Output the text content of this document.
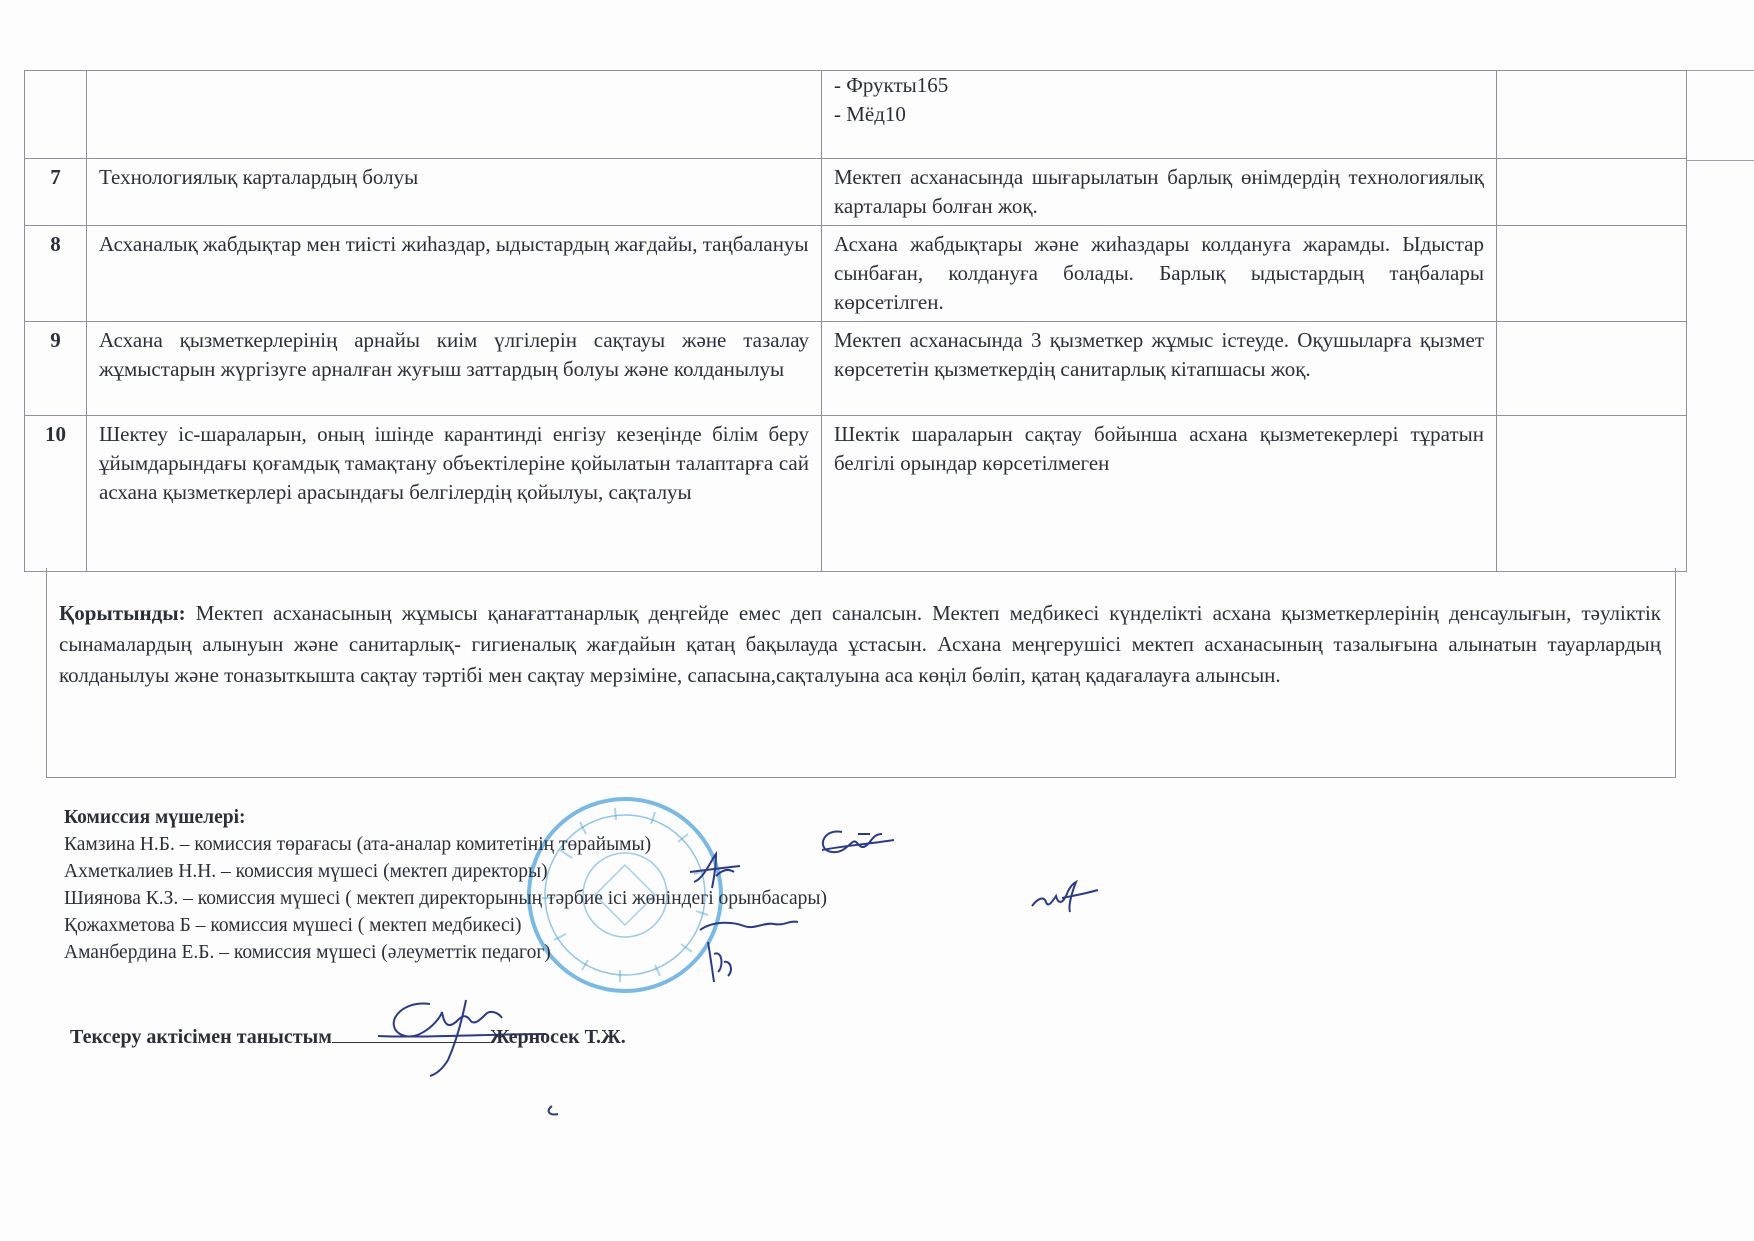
		- Фрукты165
- Мёд10	

7	Технологиялық карталардың болуы	Мектеп асханасында шығарылатын барлық өнімдердің технологиялық карталары болған жоқ.	
8	Асханалық жабдықтар мен тиісті жиһаздар, ыдыстардың жағдайы, таңбалануы	Асхана жабдықтары және жиһаздары колдануға жарамды. Ыдыстар сынбаған, колдануға болады. Барлық ыдыстардың таңбалары көрсетілген.	
9	Асхана қызметкерлерінің арнайы киім үлгілерін сақтауы және тазалау жұмыстарын жүргізуге арналған жуғыш заттардың болуы және колданылуы	Мектеп асханасында 3 қызметкер жұмыс істеуде. Оқушыларға қызмет көрсететін қызметкердің санитарлық кітапшасы жоқ.	
10	Шектеу іс-шараларын, оның ішінде карантинді енгізу кезеңінде білім беру ұйымдарындағы қоғамдық тамақтану объектілеріне қойылатын талаптарға сай асхана қызметкерлері арасындағы белгілердің қойылуы, сақталуы	Шектік шараларын сақтау бойынша асхана қызметекерлері тұратын белгілі орындар көрсетілмеген	
Қорытынды: Мектеп асханасының жұмысы қанағаттанарлық деңгейде емес деп саналсын. Мектеп медбикесі күнделікті асхана қызметкерлерінің денсаулығын, тәуліктік сынамалардың алынуын және санитарлық- гигиеналық жағдайын қатаң бақылауда ұстасын. Асхана меңгерушісі мектеп асханасының тазалығына алынатын тауарлардың колданылуы және тоназыткышта сақтау тәртібі мен сақтау мерзіміне, сапасына,сақталуына аса көңіл бөліп, қатаң қадағалауға алынсын.
Комиссия мүшелері:
Камзина Н.Б. – комиссия төрағасы (ата-аналар комитетінің төрайымы)
Ахметкалиев Н.Н. – комиссия мүшесі (мектеп директоры)
Шиянова К.З. – комиссия мүшесі ( мектеп директорының тәрбие ісі жөніндегі орынбасары)
Қожахметова Б – комиссия мүшесі ( мектеп медбикесі)
Аманбердина Е.Б. – комиссия мүшесі (әлеуметтік педагог)
Тексеру актісімен таныстым	Жерносек Т.Ж.
